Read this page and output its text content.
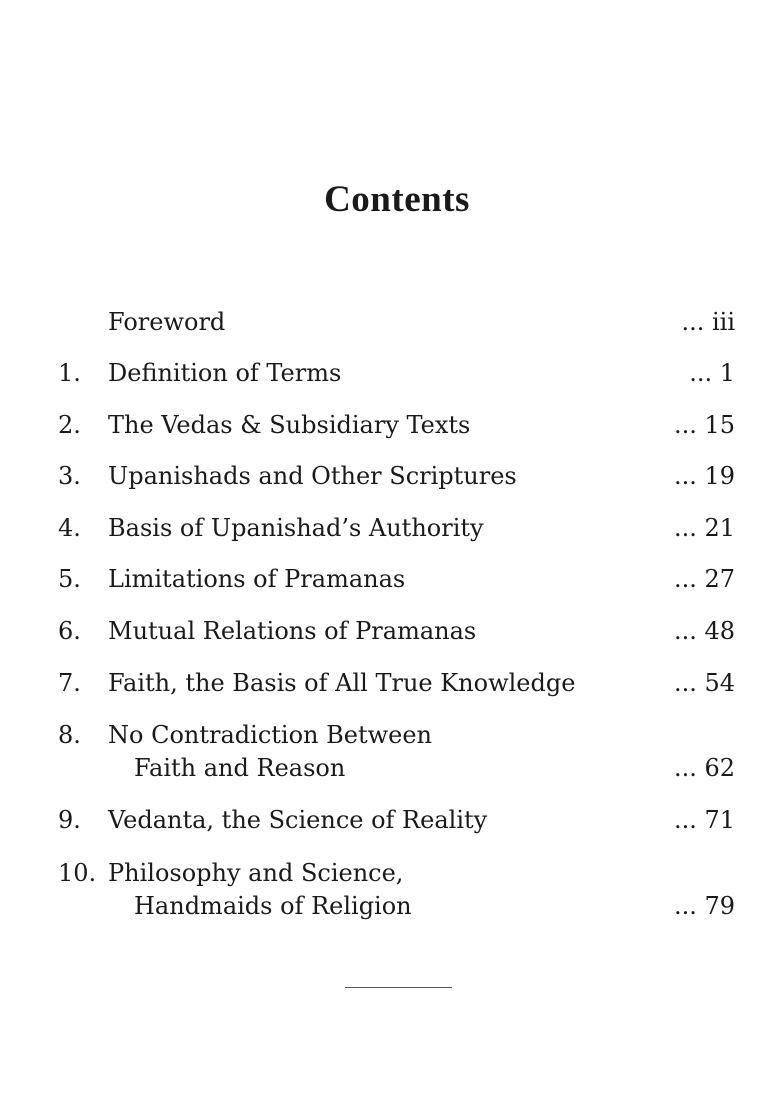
Contents
Foreword	... iii
1. Definition of Terms	... 1
2. The Vedas & Subsidiary Texts	... 15
3. Upanishads and Other Scriptures	... 19
4. Basis of Upanishad’s Authority	... 21
5. Limitations of Pramanas	... 27
6. Mutual Relations of Pramanas	... 48
7. Faith, the Basis of All True Knowledge	... 54
8. No Contradiction Between
Faith and Reason	... 62
9. Vedanta, the Science of Reality	... 71
10. Philosophy and Science,
Handmaids of Religion	... 79
